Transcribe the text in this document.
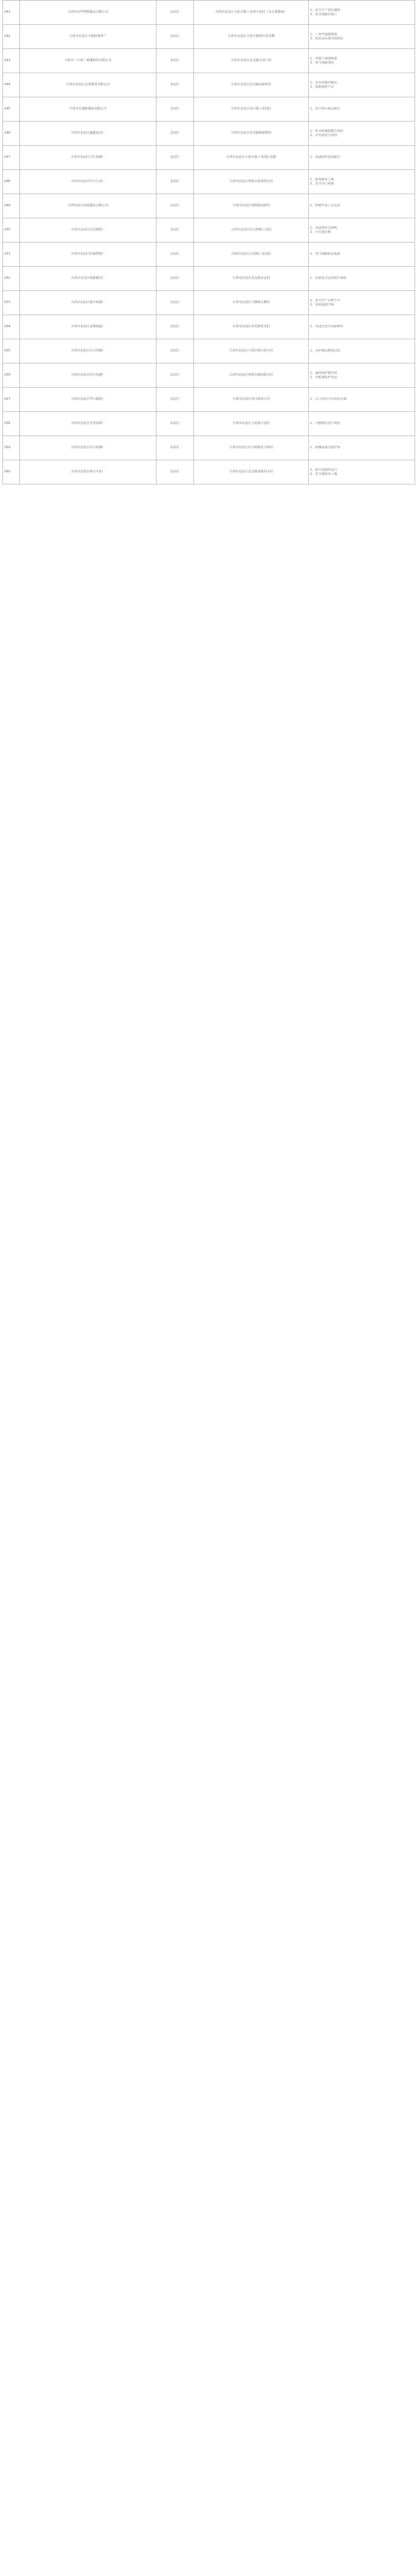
241	天津市宏华塑料制品有限公司	北辰区	天津市北辰区大张庄镇工业园小淀村（北大堆路南）	1、安全生产责任制度
2、安全设施未建立

242	天津市北辰区天源标准件厂	北辰区	天津市北辰区大张庄镇韩庄村北侧	1、厂房外通道堵塞
2、危化品存放未按规定

243	天津市（天津）德诚科技有限公司	北辰区	天津市北辰区北仓镇大双口村	1、未建立事故隐患
2、电气线路老化

244	天津市北辰区金泰建材有限公司	北辰区	天津市北辰区北仓镇东丽村东	1、应急预案未制定
2、消防器材不足

245	天津市宏盛纸制品有限公司	北辰区	天津市北辰区双口镇工业园区	1、安全警示标志缺失

246	天津市北辰区鑫鑫家具厂	北辰区	天津市北辰区青光镇韩家墅村	1、粉尘防爆措施不到位
2、未开展安全培训

247	天津市北辰区力生机械厂	北辰区	天津市北辰区大张庄镇工业园区东路	1、设备防护装置缺失

248	天津市北辰区中天五金厂	北辰区	天津市北辰区西堤头镇刘快庄村	1、配电箱未上锁
2、安全出口堵塞

249	天津市辰兴包装制品有限公司	北辰区	天津市北辰区双街镇双街村	1、特种作业人员无证

250	天津市北辰区宏达钢管厂	北辰区	天津市北辰区宜兴埠镇工业园	1、未设置应急照明
2、灭火器过期

251	天津市北辰区恒通塑胶厂	北辰区	天津市北辰区小淀镇工业园区	1、电气线路私拉乱接

252	天津市北辰区利源模具厂	北辰区	天津市北辰区北仓镇北仓村	1、危险化学品管理不规范

253	天津市北辰区瑞丰纸箱厂	北辰区	天津市北辰区天穆镇天穆村	1、安全生产台账不全
2、消防通道不畅

254	天津市北辰区金鼎铸造厂	北辰区	天津市北辰区青光镇青光村	1、未进行安全风险辨识

255	天津市北辰区永兴印刷厂	北辰区	天津市北辰区大张庄镇大张庄村	1、仓库物品堆放过高

256	天津市北辰区同力电器厂	北辰区	天津市北辰区西堤头镇西堤头村	1、漏电保护器失效
2、未配备防护用品

257	天津市北辰区华兴服装厂	北辰区	天津市北辰区双口镇双口村	1、员工宿舍与车间未分离

258	天津市北辰区佳美涂料厂	北辰区	天津市北辰区小淀镇小淀村	1、可燃物存放不规范

259	天津市北辰区东方机械厂	北辰区	天津市北辰区宜兴埠镇宜兴埠村	1、机械设备无防护罩

260	天津市北辰区新兴木业厂	北辰区	天津市北辰区北仓镇刘家码头村	1、除尘设施未运行
2、安全制度未上墙
